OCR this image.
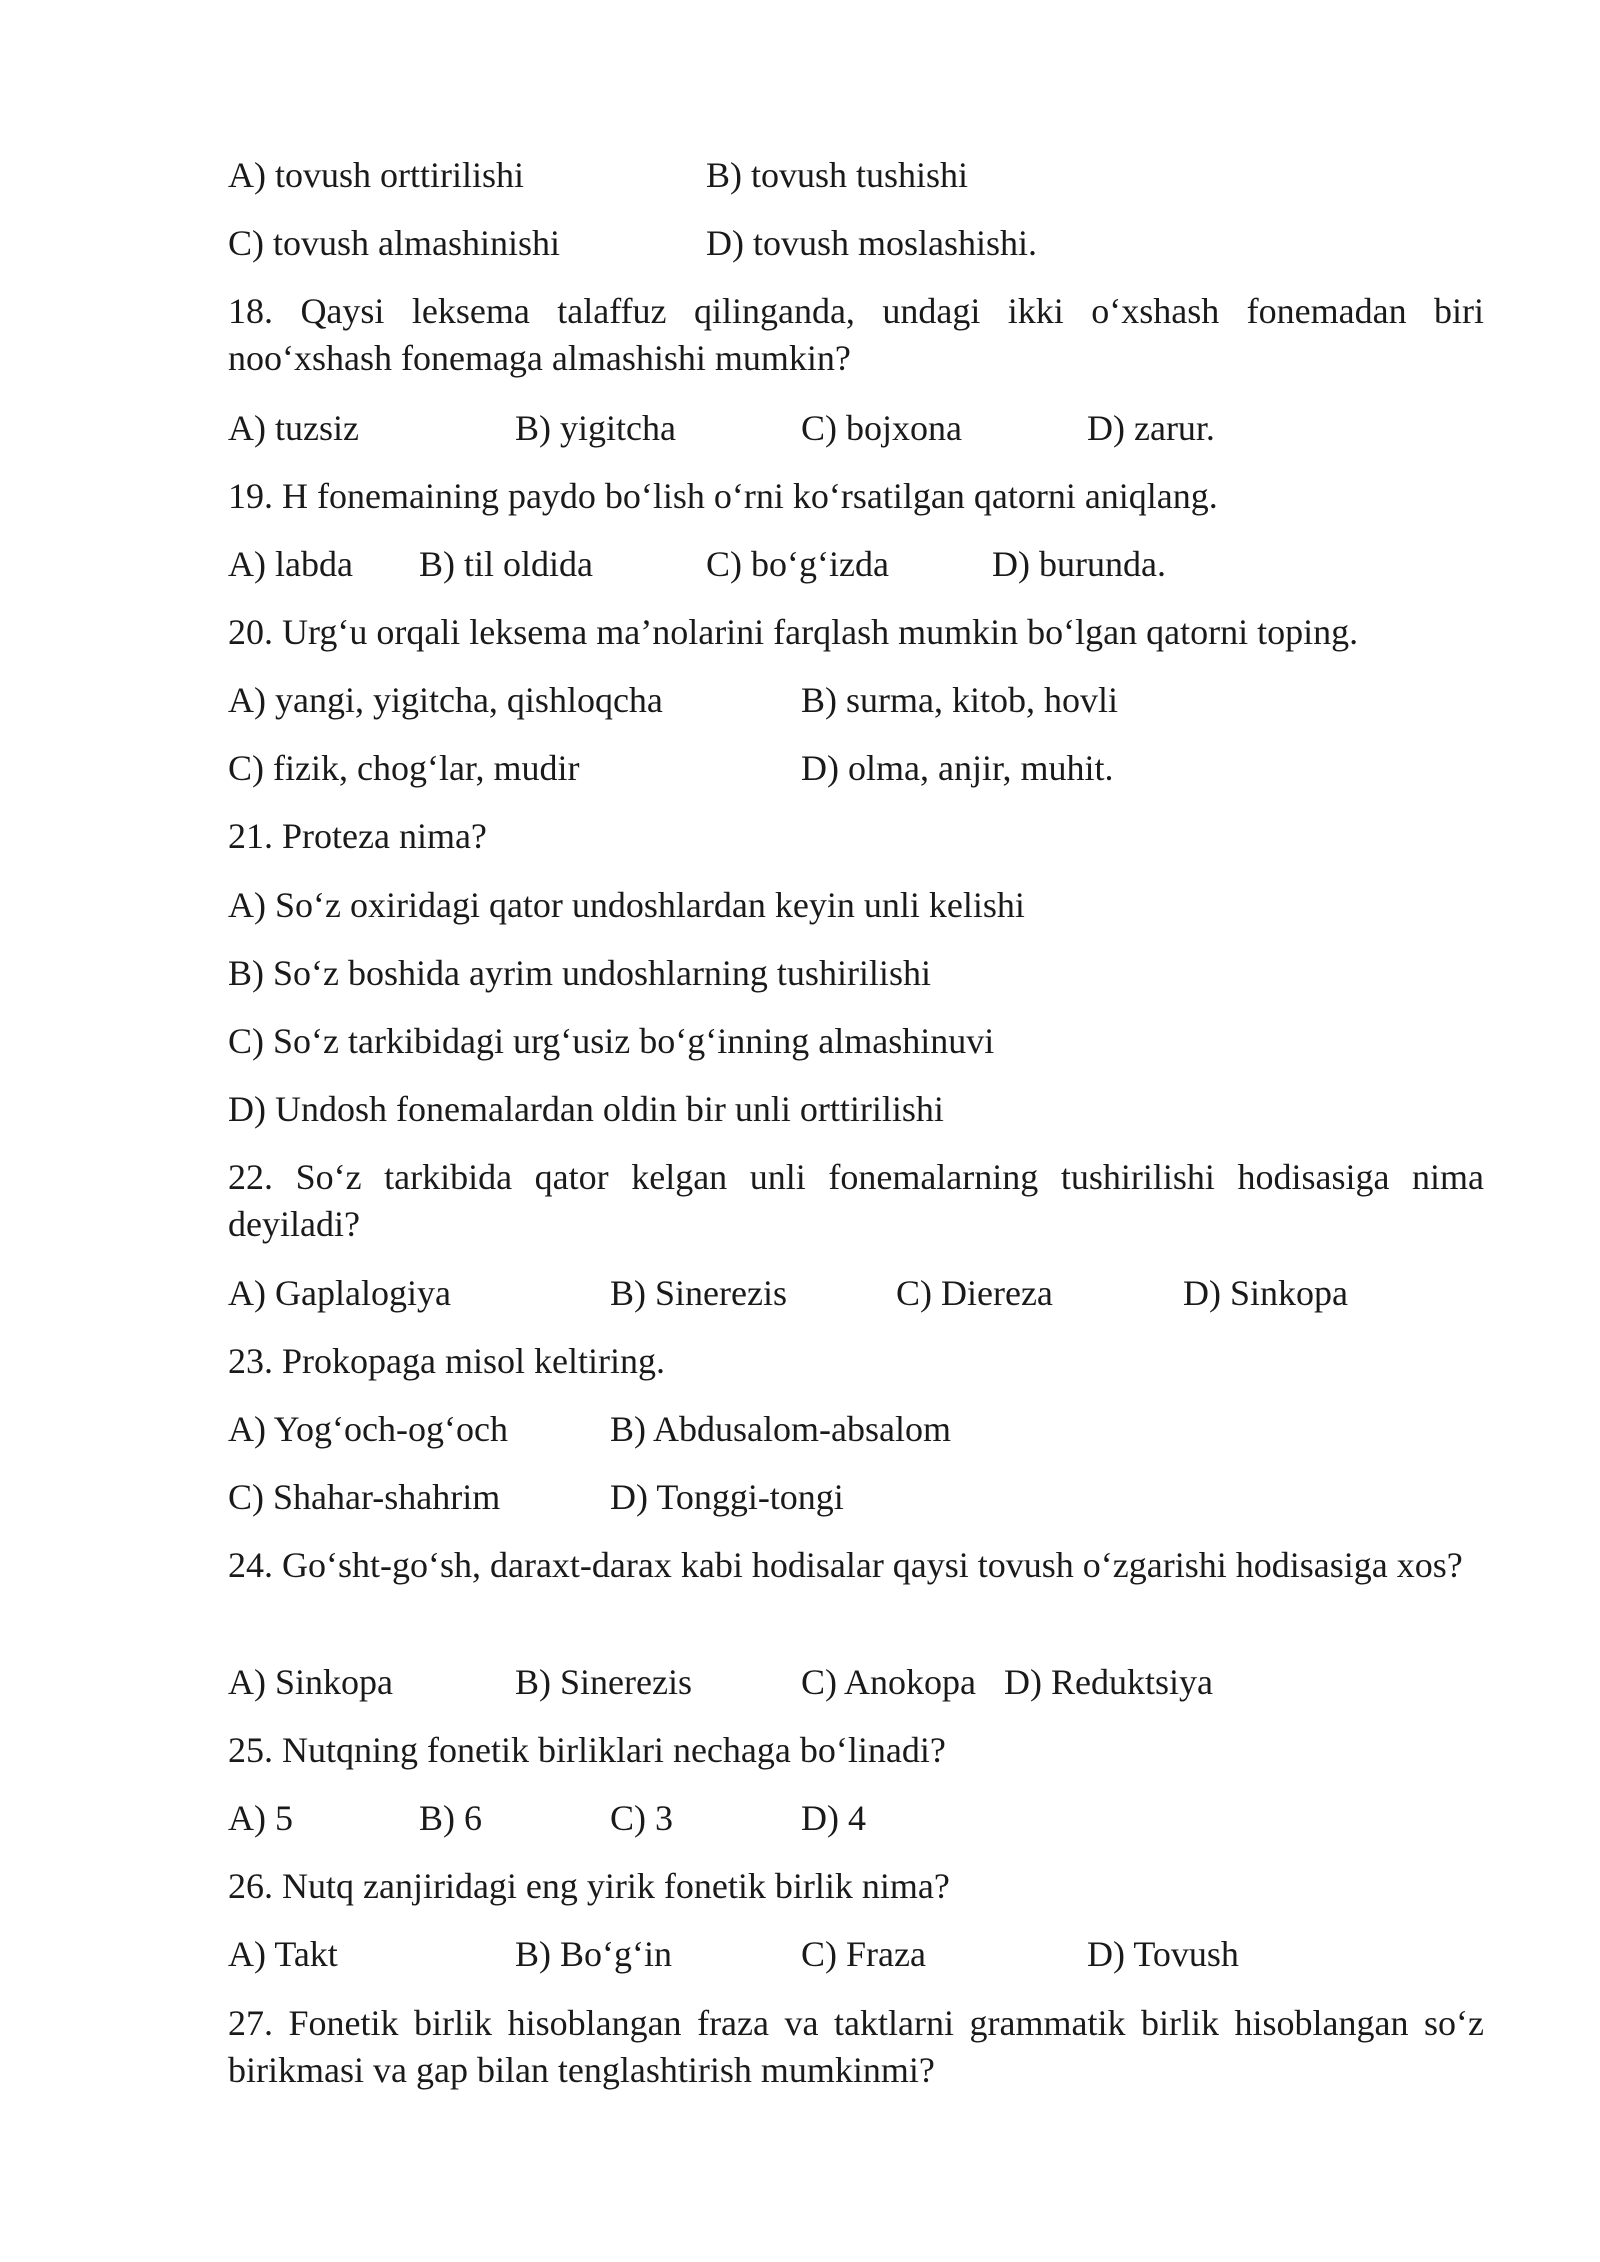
A) tovush orttirilishi	B) tovush tushishi
C) tovush almashinishi	D) tovush moslashishi.
18. Qaysi leksema talaffuz qilinganda, undagi ikki o‘xshash fonemadan biri noo‘xshash fonemaga almashishi mumkin?
A) tuzsiz	B) yigitcha	C) bojxona	D) zarur.
19. H fonemaining paydo bo‘lish o‘rni ko‘rsatilgan qatorni aniqlang.
A) labda B) til oldida	C) bo‘g‘izda	D) burunda.
20. Urg‘u orqali leksema ma’nolarini farqlash mumkin bo‘lgan qatorni toping.
A) yangi, yigitcha, qishloqcha	B) surma, kitob, hovli
C) fizik, chog‘lar, mudir	D) olma, anjir, muhit.
21. Proteza nima?
A) So‘z oxiridagi qator undoshlardan keyin unli kelishi
B) So‘z boshida ayrim undoshlarning tushirilishi
C) So‘z tarkibidagi urg‘usiz bo‘g‘inning almashinuvi
D) Undosh fonemalardan oldin bir unli orttirilishi
22. So‘z tarkibida qator kelgan unli fonemalarning tushirilishi hodisasiga nima deyiladi?
A) Gaplalogiya	B) Sinerezis	C) Diereza	D) Sinkopa
23. Prokopaga misol keltiring.
A) Yog‘och-og‘och	B) Abdusalom-absalom
C) Shahar-shahrim	D) Tonggi-tongi
24. Go‘sht-go‘sh, daraxt-darax kabi hodisalar qaysi tovush o‘zgarishi hodisasiga xos?
A) Sinkopa	B) Sinerezis	C) Anokopa D) Reduktsiya
25. Nutqning fonetik birliklari nechaga bo‘linadi?
A) 5	B) 6	C) 3	D) 4
26. Nutq zanjiridagi eng yirik fonetik birlik nima?
A) Takt	B) Bo‘g‘in	C) Fraza	D) Tovush
27. Fonetik birlik hisoblangan fraza va taktlarni grammatik birlik hisoblangan so‘z birikmasi va gap bilan tenglashtirish mumkinmi?
